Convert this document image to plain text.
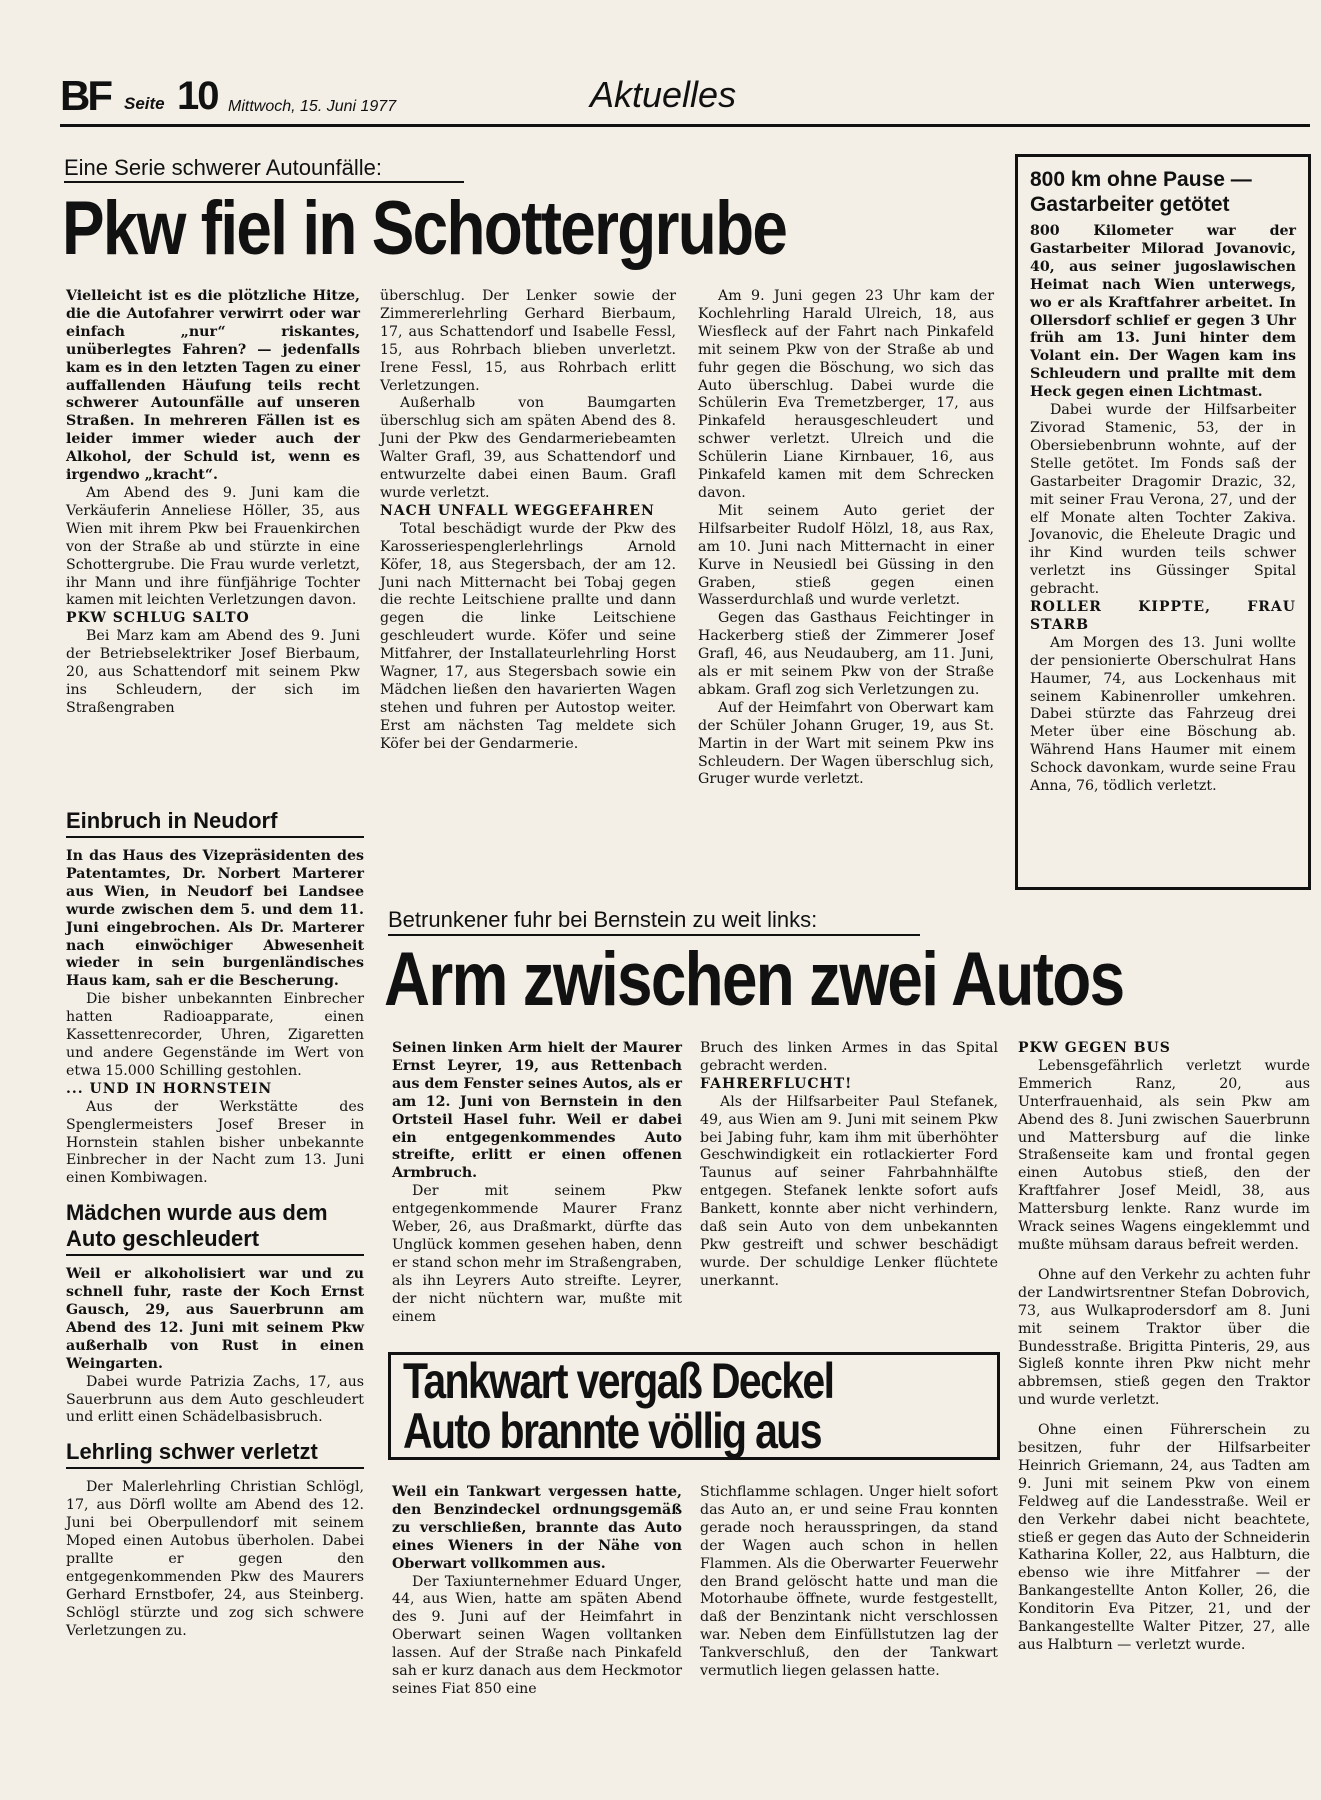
BF Seite 10 Mittwoch, 15. Juni 1977	Aktuelles
Eine Serie schwerer Autounfälle:
Pkw fiel in Schottergrube

Vielleicht ist es die plötzliche Hitze, die die Autofahrer verwirrt oder war einfach „nur“ riskantes, unüberlegtes Fahren? — jedenfalls kam es in den letzten Tagen zu einer auffallenden Häufung teils recht schwerer Autounfälle auf unseren Straßen. In mehreren Fällen ist es leider immer wieder auch der Alkohol, der Schuld ist, wenn es irgendwo „kracht“.

Am Abend des 9. Juni kam die Verkäuferin Anneliese Höller, 35, aus Wien mit ihrem Pkw bei Frauenkirchen von der Straße ab und stürzte in eine Schottergrube. Die Frau wurde verletzt, ihr Mann und ihre fünfjährige Tochter kamen mit leichten Verletzungen davon.

PKW SCHLUG SALTO

Bei Marz kam am Abend des 9. Juni der Betriebselektriker Josef Bierbaum, 20, aus Schattendorf mit seinem Pkw ins Schleudern, der sich im Straßengraben

überschlug. Der Lenker sowie der Zimmererlehrling Gerhard Bierbaum, 17, aus Schattendorf und Isabelle Fessl, 15, aus Rohrbach blieben unverletzt. Irene Fessl, 15, aus Rohrbach erlitt Verletzungen.

Außerhalb von Baumgarten überschlug sich am späten Abend des 8. Juni der Pkw des Gendarmeriebeamten Walter Grafl, 39, aus Schattendorf und entwurzelte dabei einen Baum. Grafl wurde verletzt.

NACH UNFALL WEGGEFAHREN

Total beschädigt wurde der Pkw des Karosseriespenglerlehrlings Arnold Köfer, 18, aus Stegersbach, der am 12. Juni nach Mitternacht bei Tobaj gegen die rechte Leitschiene prallte und dann gegen die linke Leitschiene geschleudert wurde. Köfer und seine Mitfahrer, der Installateurlehrling Horst Wagner, 17, aus Stegersbach sowie ein Mädchen ließen den havarierten Wagen stehen und fuhren per Autostop weiter. Erst am nächsten Tag meldete sich Köfer bei der Gendarmerie.

Am 9. Juni gegen 23 Uhr kam der Kochlehrling Harald Ulreich, 18, aus Wiesfleck auf der Fahrt nach Pinkafeld mit seinem Pkw von der Straße ab und fuhr gegen die Böschung, wo sich das Auto überschlug. Dabei wurde die Schülerin Eva Tremetzberger, 17, aus Pinkafeld herausgeschleudert und schwer verletzt. Ulreich und die Schülerin Liane Kirnbauer, 16, aus Pinkafeld kamen mit dem Schrecken davon.

Mit seinem Auto geriet der Hilfsarbeiter Rudolf Hölzl, 18, aus Rax, am 10. Juni nach Mitternacht in einer Kurve in Neusiedl bei Güssing in den Graben, stieß gegen einen Wasserdurchlaß und wurde verletzt.

Gegen das Gasthaus Feichtinger in Hackerberg stieß der Zimmerer Josef Grafl, 46, aus Neudauberg, am 11. Juni, als er mit seinem Pkw von der Straße abkam. Grafl zog sich Verletzungen zu.

Auf der Heimfahrt von Oberwart kam der Schüler Johann Gruger, 19, aus St. Martin in der Wart mit seinem Pkw ins Schleudern. Der Wagen überschlug sich, Gruger wurde verletzt.

800 km ohne Pause — Gastarbeiter getötet

800 Kilometer war der Gastarbeiter Milorad Jovanovic, 40, aus seiner jugoslawischen Heimat nach Wien unterwegs, wo er als Kraftfahrer arbeitet. In Ollersdorf schlief er gegen 3 Uhr früh am 13. Juni hinter dem Volant ein. Der Wagen kam ins Schleudern und prallte mit dem Heck gegen einen Lichtmast.

Dabei wurde der Hilfsarbeiter Zivorad Stamenic, 53, der in Obersiebenbrunn wohnte, auf der Stelle getötet. Im Fonds saß der Gastarbeiter Dragomir Drazic, 32, mit seiner Frau Verona, 27, und der elf Monate alten Tochter Zakiva. Jovanovic, die Eheleute Dragic und ihr Kind wurden teils schwer verletzt ins Güssinger Spital gebracht.

ROLLER KIPPTE, FRAU STARB

Am Morgen des 13. Juni wollte der pensionierte Oberschulrat Hans Haumer, 74, aus Lockenhaus mit seinem Kabinenroller umkehren. Dabei stürzte das Fahrzeug drei Meter über eine Böschung ab. Während Hans Haumer mit einem Schock davonkam, wurde seine Frau Anna, 76, tödlich verletzt.

Einbruch in Neudorf

In das Haus des Vizepräsidenten des Patentamtes, Dr. Norbert Marterer aus Wien, in Neudorf bei Landsee wurde zwischen dem 5. und dem 11. Juni eingebrochen. Als Dr. Marterer nach einwöchiger Abwesenheit wieder in sein burgenländisches Haus kam, sah er die Bescherung.

Die bisher unbekannten Einbrecher hatten Radioapparate, einen Kassettenrecorder, Uhren, Zigaretten und andere Gegenstände im Wert von etwa 15.000 Schilling gestohlen.

... UND IN HORNSTEIN

Aus der Werkstätte des Spenglermeisters Josef Breser in Hornstein stahlen bisher unbekannte Einbrecher in der Nacht zum 13. Juni einen Kombiwagen.

Mädchen wurde aus dem Auto geschleudert

Weil er alkoholisiert war und zu schnell fuhr, raste der Koch Ernst Gausch, 29, aus Sauerbrunn am Abend des 12. Juni mit seinem Pkw außerhalb von Rust in einen Weingarten.

Dabei wurde Patrizia Zachs, 17, aus Sauerbrunn aus dem Auto geschleudert und erlitt einen Schädelbasisbruch.

Lehrling schwer verletzt

Der Malerlehrling Christian Schlögl, 17, aus Dörfl wollte am Abend des 12. Juni bei Oberpullendorf mit seinem Moped einen Autobus überholen. Dabei prallte er gegen den entgegenkommenden Pkw des Maurers Gerhard Ernstbofer, 24, aus Steinberg. Schlögl stürzte und zog sich schwere Verletzungen zu.

Betrunkener fuhr bei Bernstein zu weit links:
Arm zwischen zwei Autos

Seinen linken Arm hielt der Maurer Ernst Leyrer, 19, aus Rettenbach aus dem Fenster seines Autos, als er am 12. Juni von Bernstein in den Ortsteil Hasel fuhr. Weil er dabei ein entgegenkommendes Auto streifte, erlitt er einen offenen Armbruch.

Der mit seinem Pkw entgegenkommende Maurer Franz Weber, 26, aus Draßmarkt, dürfte das Unglück kommen gesehen haben, denn er stand schon mehr im Straßengraben, als ihn Leyrers Auto streifte. Leyrer, der nicht nüchtern war, mußte mit einem

Bruch des linken Armes in das Spital gebracht werden.

FAHRERFLUCHT!

Als der Hilfsarbeiter Paul Stefanek, 49, aus Wien am 9. Juni mit seinem Pkw bei Jabing fuhr, kam ihm mit überhöhter Geschwindigkeit ein rotlackierter Ford Taunus auf seiner Fahrbahnhälfte entgegen. Stefanek lenkte sofort aufs Bankett, konnte aber nicht verhindern, daß sein Auto von dem unbekannten Pkw gestreift und schwer beschädigt wurde. Der schuldige Lenker flüchtete unerkannt.

PKW GEGEN BUS

Lebensgefährlich verletzt wurde Emmerich Ranz, 20, aus Unterfrauenhaid, als sein Pkw am Abend des 8. Juni zwischen Sauerbrunn und Mattersburg auf die linke Straßenseite kam und frontal gegen einen Autobus stieß, den der Kraftfahrer Josef Meidl, 38, aus Mattersburg lenkte. Ranz wurde im Wrack seines Wagens eingeklemmt und mußte mühsam daraus befreit werden.

Ohne auf den Verkehr zu achten fuhr der Landwirtsrentner Stefan Dobrovich, 73, aus Wulkaprodersdorf am 8. Juni mit seinem Traktor über die Bundesstraße. Brigitta Pinteris, 29, aus Sigleß konnte ihren Pkw nicht mehr abbremsen, stieß gegen den Traktor und wurde verletzt.

Ohne einen Führerschein zu besitzen, fuhr der Hilfsarbeiter Heinrich Griemann, 24, aus Tadten am 9. Juni mit seinem Pkw von einem Feldweg auf die Landesstraße. Weil er den Verkehr dabei nicht beachtete, stieß er gegen das Auto der Schneiderin Katharina Koller, 22, aus Halbturn, die ebenso wie ihre Mitfahrer — der Bankangestellte Anton Koller, 26, die Konditorin Eva Pitzer, 21, und der Bankangestellte Walter Pitzer, 27, alle aus Halbturn — verletzt wurde.

Tankwart vergaß Deckel
Auto brannte völlig aus

Weil ein Tankwart vergessen hatte, den Benzindeckel ordnungsgemäß zu verschließen, brannte das Auto eines Wieners in der Nähe von Oberwart vollkommen aus.

Der Taxiunternehmer Eduard Unger, 44, aus Wien, hatte am späten Abend des 9. Juni auf der Heimfahrt in Oberwart seinen Wagen volltanken lassen. Auf der Straße nach Pinkafeld sah er kurz danach aus dem Heckmotor seines Fiat 850 eine

Stichflamme schlagen. Unger hielt sofort das Auto an, er und seine Frau konnten gerade noch herausspringen, da stand der Wagen auch schon in hellen Flammen. Als die Oberwarter Feuerwehr den Brand gelöscht hatte und man die Motorhaube öffnete, wurde festgestellt, daß der Benzintank nicht verschlossen war. Neben dem Einfüllstutzen lag der Tankverschluß, den der Tankwart vermutlich liegen gelassen hatte.
